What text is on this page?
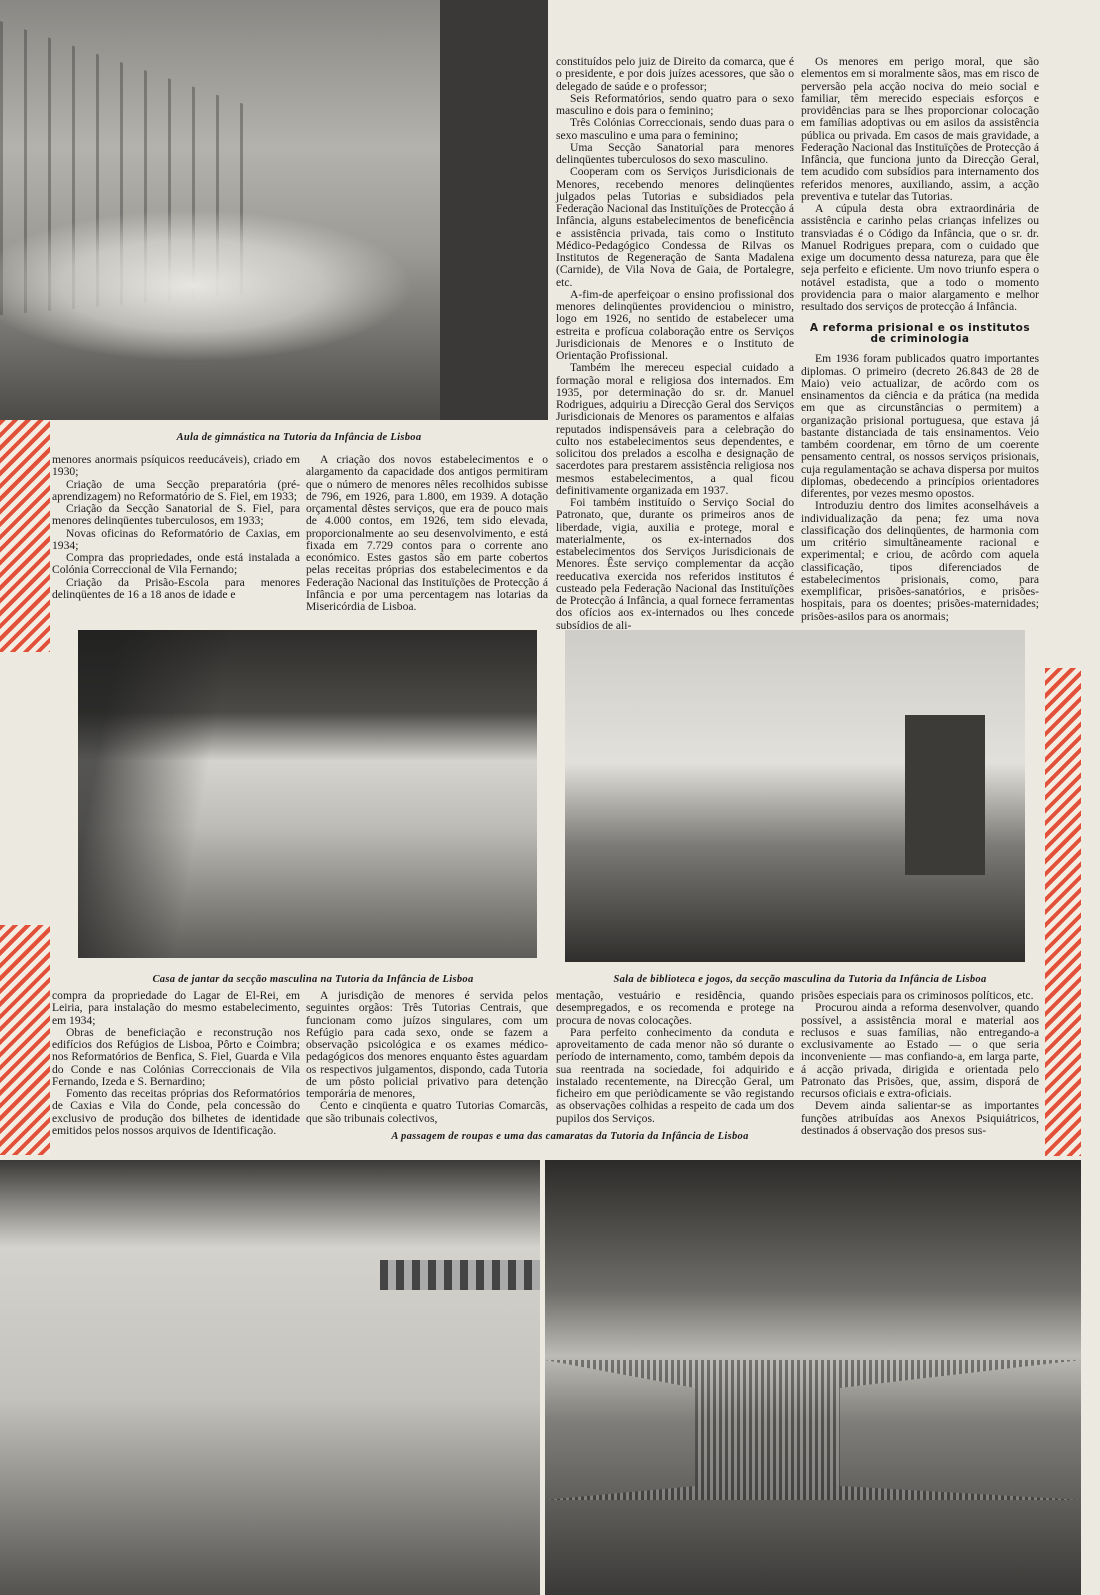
Aula de gimnástica na Tutoria da Infância de Lisboa
Casa de jantar da secção masculina na Tutoria da Infância de Lisboa	Sala de biblioteca e jogos, da secção masculina da Tutoria da Infância de Lisboa
A passagem de roupas e uma das camaratas da Tutoria da Infância de Lisboa

constituídos pelo juiz de Direito da comarca, que é o presidente, e por dois juízes acessores, que são o delegado de saúde e o professor;

Seis Reformatórios, sendo quatro para o sexo masculino e dois para o feminino;

Três Colónias Correccionais, sendo duas para o sexo masculino e uma para o feminino;

Uma Secção Sanatorial para menores delinqüentes tuberculosos do sexo masculino.

Cooperam com os Serviços Jurisdicionais de Menores, recebendo menores delinqüentes julgados pelas Tutorias e subsidiados pela Federação Nacional das Instituïções de Protecção á Infância, alguns estabelecimentos de beneficência e assistência privada, tais como o Instituto Médico-Pedagógico Condessa de Rilvas os Institutos de Regeneração de Santa Madalena (Carnide), de Vila Nova de Gaia, de Portalegre, etc.

A-fim-de aperfeiçoar o ensino profissional dos menores delinqüentes providenciou o ministro, logo em 1926, no sentido de estabelecer uma estreita e profícua colaboração entre os Serviços Jurisdicionais de Menores e o Instituto de Orientação Profissional.

Também lhe mereceu especial cuidado a formação moral e religiosa dos internados. Em 1935, por determinação do sr. dr. Manuel Rodrigues, adquiriu a Direcção Geral dos Serviços Jurisdicionais de Menores os paramentos e alfaias reputados indispensáveis para a celebração do culto nos estabelecimentos seus dependentes, e solicitou dos prelados a escolha e designação de sacerdotes para prestarem assistência religiosa nos mesmos estabelecimentos, a qual ficou definitivamente organizada em 1937.

Foi também instituído o Serviço Social do Patronato, que, durante os primeiros anos de liberdade, vigia, auxilia e protege, moral e materialmente, os ex-internados dos estabelecimentos dos Serviços Jurisdicionais de Menores. Êste serviço complementar da acção reeducativa exercida nos referidos institutos é custeado pela Federação Nacional das Instituïções de Protecção á Infância, a qual fornece ferramentas dos ofícios aos ex-internados ou lhes concede subsídios de ali-

Os menores em perigo moral, que são elementos em si moralmente sãos, mas em risco de perversão pela acção nociva do meio social e familiar, têm merecido especiais esforços e providências para se lhes proporcionar colocação em famílias adoptivas ou em asilos da assistência pública ou privada. Em casos de mais gravidade, a Federação Nacional das Instituïções de Protecção á Infância, que funciona junto da Direcção Geral, tem acudido com subsídios para internamento dos referidos menores, auxiliando, assim, a acção preventiva e tutelar das Tutorias.

A cúpula desta obra extraordinária de assistência e carinho pelas crianças infelizes ou transviadas é o Código da Infância, que o sr. dr. Manuel Rodrigues prepara, com o cuidado que exige um documento dessa natureza, para que êle seja perfeito e eficiente. Um novo triunfo espera o notável estadista, que a todo o momento providencia para o maior alargamento e melhor resultado dos serviços de protecção á Infância.

A reforma prisional e os institutos de criminologia

Em 1936 foram publicados quatro importantes diplomas. O primeiro (decreto 26.843 de 28 de Maio) veio actualizar, de acôrdo com os ensinamentos da ciência e da prática (na medida em que as circunstâncias o permitem) a organização prisional portuguesa, que estava já bastante distanciada de tais ensinamentos. Veio também coordenar, em tôrno de um coerente pensamento central, os nossos serviços prisionais, cuja regulamentação se achava dispersa por muitos diplomas, obedecendo a princípios orientadores diferentes, por vezes mesmo opostos.

Introduziu dentro dos limites aconselháveis a individualização da pena; fez uma nova classificação dos delinqüentes, de harmonia com um critério simultâneamente racional e experimental; e criou, de acôrdo com aquela classificação, tipos diferenciados de estabelecimentos prisionais, como, para exemplificar, prisões-sanatórios, e prisões-hospitais, para os doentes; prisões-maternidades; prisões-asilos para os anormais;

menores anormais psíquicos reeducáveis), criado em 1930;

Criação de uma Secção preparatória (pré-aprendizagem) no Reformatório de S. Fiel, em 1933;

Criação da Secção Sanatorial de S. Fiel, para menores delinqüentes tuberculosos, em 1933;

Novas oficinas do Reformatório de Caxias, em 1934;

Compra das propriedades, onde está instalada a Colónia Correccional de Vila Fernando;

Criação da Prisão-Escola para menores delinqüentes de 16 a 18 anos de idade e

A criação dos novos estabelecimentos e o alargamento da capacidade dos antigos permitiram que o número de menores nêles recolhidos subisse de 796, em 1926, para 1.800, em 1939. A dotação orçamental dêstes serviços, que era de pouco mais de 4.000 contos, em 1926, tem sido elevada, proporcionalmente ao seu desenvolvimento, e está fixada em 7.729 contos para o corrente ano económico. Estes gastos são em parte cobertos pelas receitas próprias dos estabelecimentos e da Federação Nacional das Instituïções de Protecção á Infância e por uma percentagem nas lotarias da Misericórdia de Lisboa.

compra da propriedade do Lagar de El-Rei, em Leiria, para instalação do mesmo estabelecimento, em 1934;

Obras de beneficiação e reconstrução nos edifícios dos Refúgios de Lisboa, Pôrto e Coimbra; nos Reformatórios de Benfica, S. Fiel, Guarda e Vila do Conde e nas Colónias Correccionais de Vila Fernando, Izeda e S. Bernardino;

Fomento das receitas próprias dos Reformatórios de Caxias e Vila do Conde, pela concessão do exclusivo de produção dos bilhetes de identidade emitidos pelos nossos arquivos de Identificação.

A jurisdição de menores é servida pelos seguintes orgãos: Três Tutorias Centrais, que funcionam como juízos singulares, com um Refúgio para cada sexo, onde se fazem a observação psicológica e os exames médico-pedagógicos dos menores enquanto êstes aguardam os respectivos julgamentos, dispondo, cada Tutoria de um pôsto policial privativo para detenção temporária de menores,

Cento e cinqüenta e quatro Tutorias Comarcãs, que são tribunais colectivos,

mentação, vestuário e residência, quando desempregados, e os recomenda e protege na procura de novas colocações.

Para perfeito conhecimento da conduta e aproveitamento de cada menor não só durante o período de internamento, como, também depois da sua reentrada na sociedade, foi adquirido e instalado recentemente, na Direcção Geral, um ficheiro em que periòdicamente se vão registando as observações colhidas a respeito de cada um dos pupilos dos Serviços.

prisões especiais para os criminosos políticos, etc.

Procurou ainda a reforma desenvolver, quando possível, a assistência moral e material aos reclusos e suas famílias, não entregando-a exclusivamente ao Estado — o que seria inconveniente — mas confiando-a, em larga parte, á acção privada, dirigida e orientada pelo Patronato das Prisões, que, assim, disporá de recursos oficiais e extra-oficiais.

Devem ainda salientar-se as importantes funções atribuídas aos Anexos Psiquiátricos, destinados á observação dos presos sus-
